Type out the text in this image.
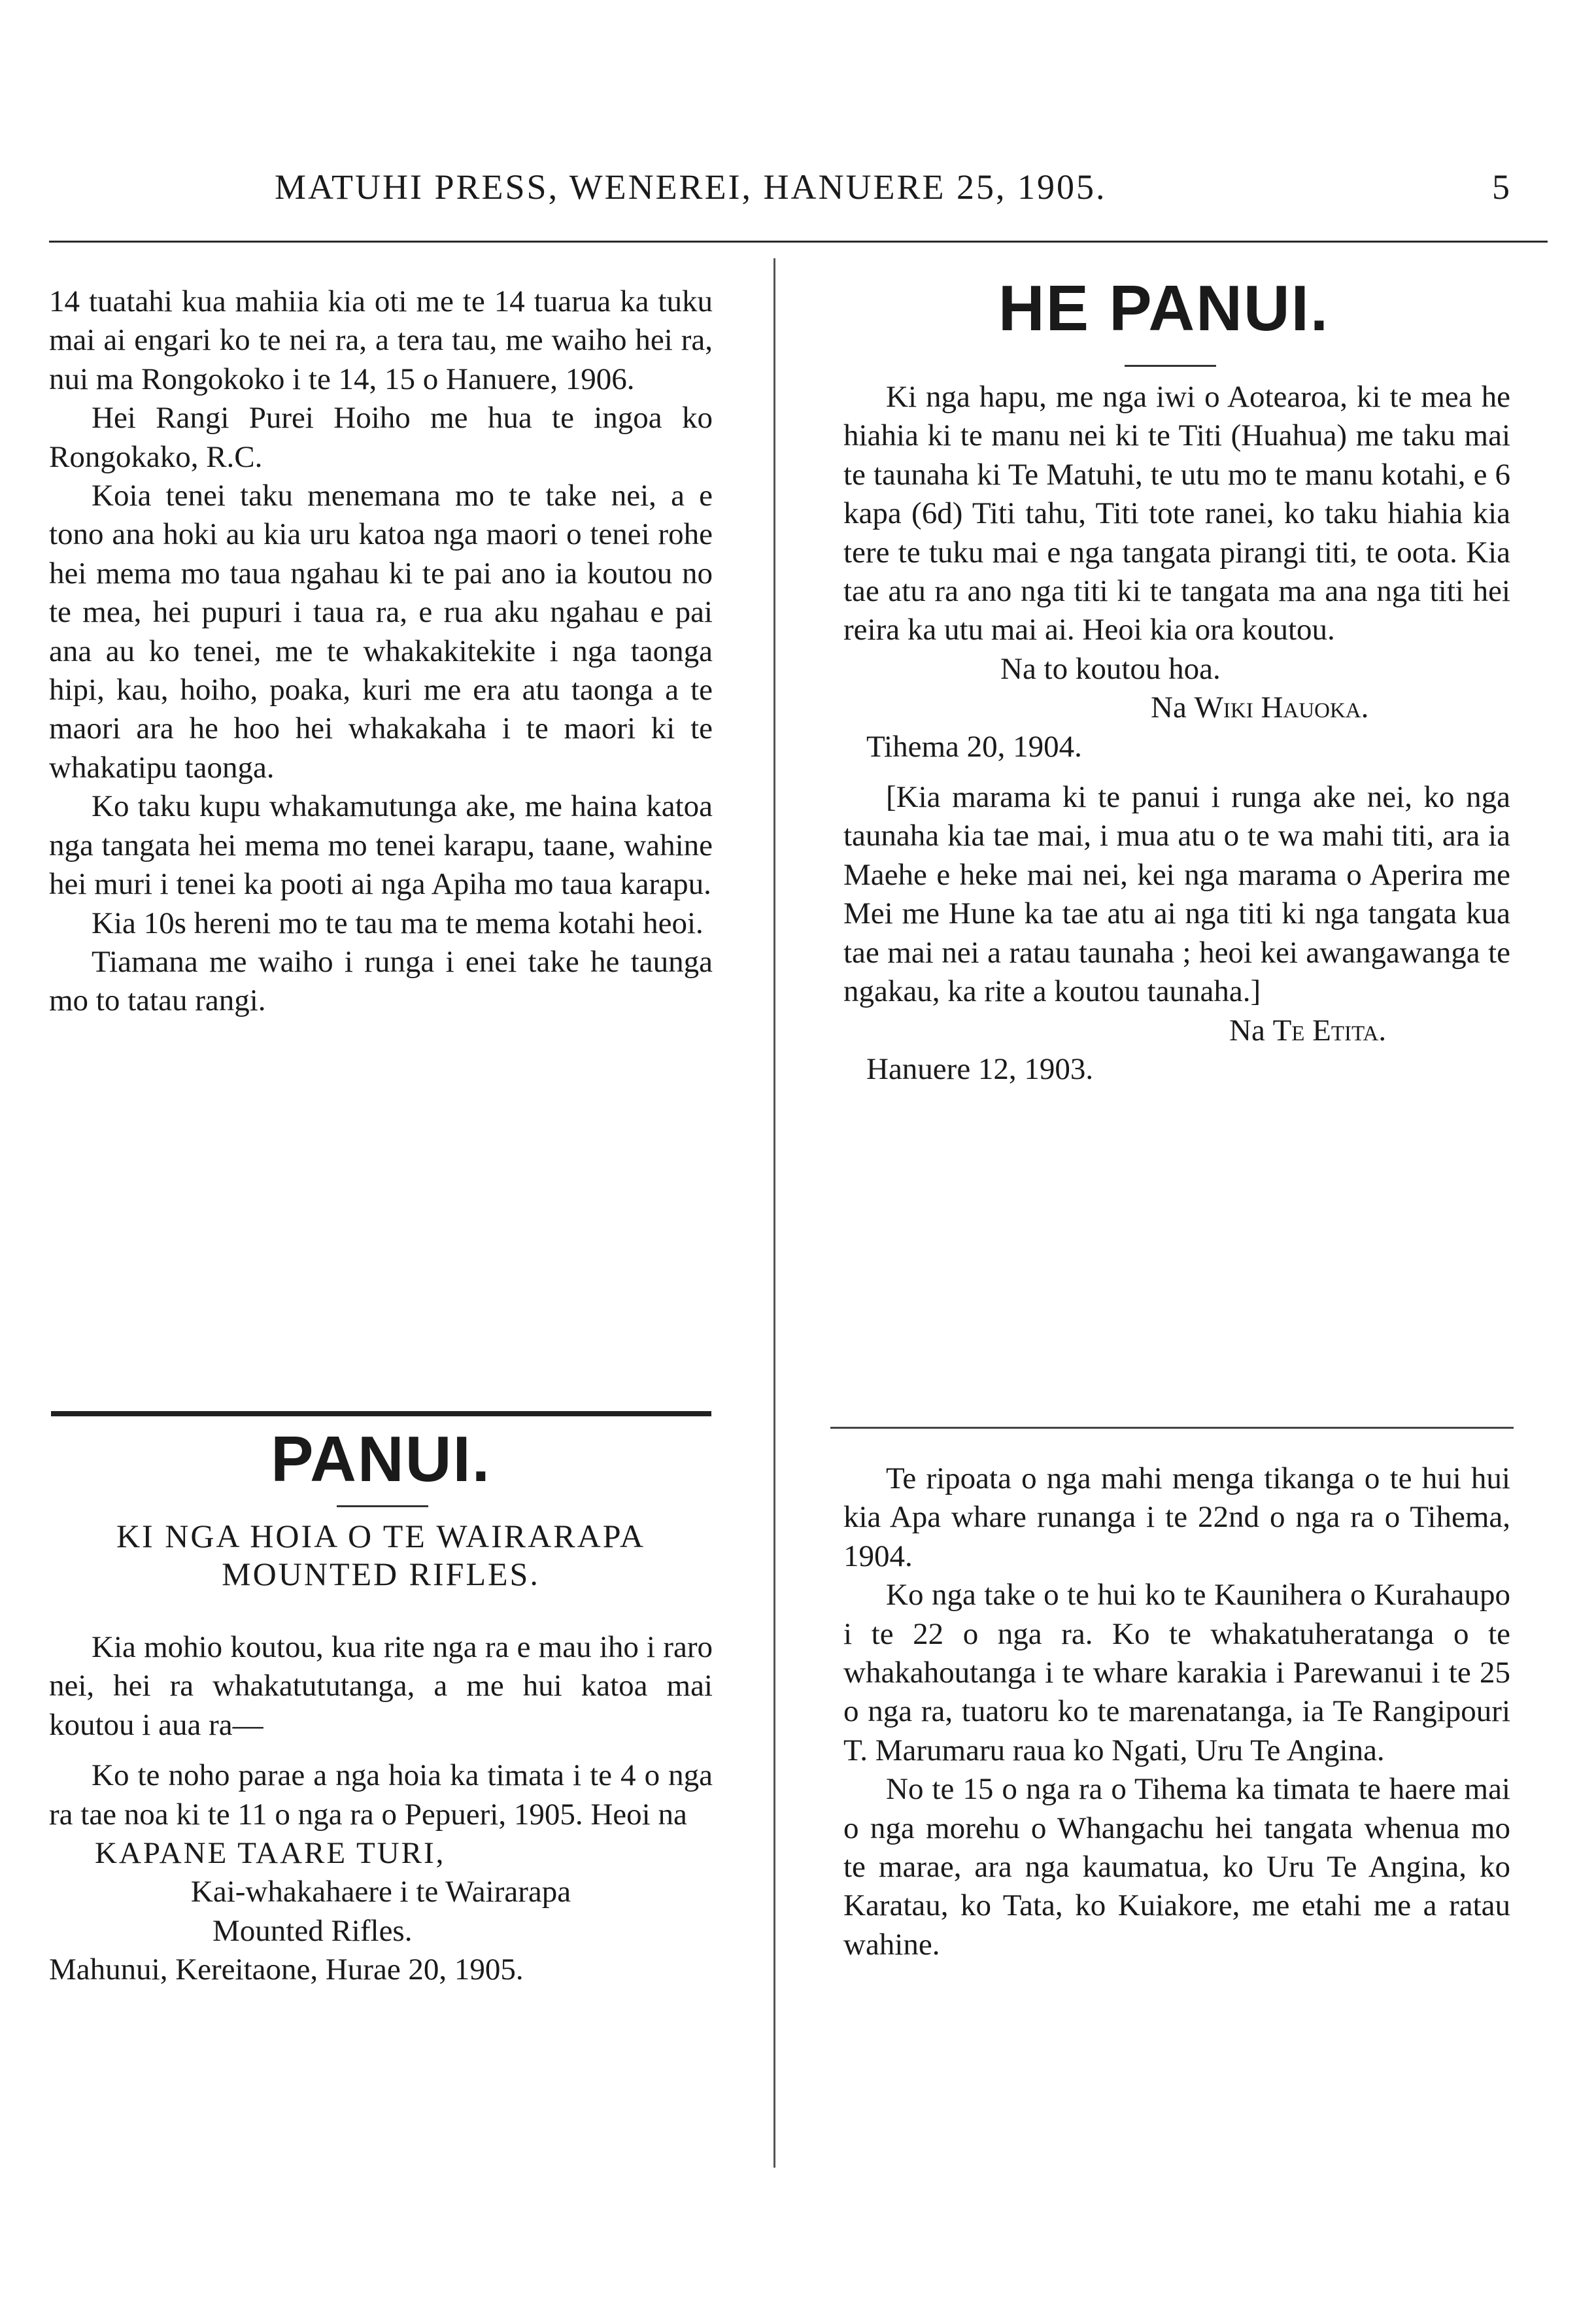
MATUHI PRESS, WENEREI, HANUERE 25, 1905.	5

14 tuatahi kua mahiia kia oti me te 14 tuarua ka tuku mai ai engari ko te nei ra, a tera tau, me waiho hei ra, nui ma Rongokoko i te 14, 15 o Hanuere, 1906.

Hei Rangi Purei Hoiho me hua te ingoa ko Rongokako, R.C.

Koia tenei taku menemana mo te take nei, a e tono ana hoki au kia uru katoa nga maori o tenei rohe hei mema mo taua ngahau ki te pai ano ia koutou no te mea, hei pupuri i taua ra, e rua aku ngahau e pai ana au ko tenei, me te whakakitekite i nga taonga hipi, kau, hoiho, poaka, kuri me era atu taonga a te maori ara he hoo hei whakakaha i te maori ki te whakatipu taonga.

Ko taku kupu whakamutunga ake, me haina katoa nga tangata hei mema mo tenei karapu, taane, wahine hei muri i tenei ka pooti ai nga Apiha mo taua karapu.

Kia 10s hereni mo te tau ma te mema kotahi heoi.

Tiamana me waiho i runga i enei take he taunga mo to tatau rangi.

PANUI.
KI NGA HOIA O TE WAIRARAPA
MOUNTED RIFLES.

Kia mohio koutou, kua rite nga ra e mau iho i raro nei, hei ra whakatututanga, a me hui katoa mai koutou i aua ra—

Ko te noho parae a nga hoia ka timata i te 4 o nga ra tae noa ki te 11 o nga ra o Pepueri, 1905. Heoi na

KAPANE TAARE TURI,

Kai-whakahaere i te Wairarapa

Mounted Rifles.

Mahunui, Kereitaone, Hurae 20, 1905.

HE PANUI.

Ki nga hapu, me nga iwi o Aotearoa, ki te mea he hiahia ki te manu nei ki te Titi (Huahua) me taku mai te taunaha ki Te Matuhi, te utu mo te manu kotahi, e 6 kapa (6d) Titi tahu, Titi tote ranei, ko taku hiahia kia tere te tuku mai e nga tangata pirangi titi, te oota. Kia tae atu ra ano nga titi ki te tangata ma ana nga titi hei reira ka utu mai ai. Heoi kia ora koutou.

Na to koutou hoa.

Na Wiki Hauoka.

Tihema 20, 1904.

[Kia marama ki te panui i runga ake nei, ko nga taunaha kia tae mai, i mua atu o te wa mahi titi, ara ia Maehe e heke mai nei, kei nga marama o Aperira me Mei me Hune ka tae atu ai nga titi ki nga tangata kua tae mai nei a ratau taunaha ; heoi kei awangawanga te ngakau, ka rite a koutou taunaha.]

Na Te Etita.

Hanuere 12, 1903.

Te ripoata o nga mahi menga tikanga o te hui hui kia Apa whare runanga i te 22nd o nga ra o Tihema, 1904.

Ko nga take o te hui ko te Kaunihera o Kurahaupo i te 22 o nga ra. Ko te whakatuheratanga o te whakahoutanga i te whare karakia i Parewanui i te 25 o nga ra, tuatoru ko te marenatanga, ia Te Rangipouri T. Marumaru raua ko Ngati, Uru Te Angina.

No te 15 o nga ra o Tihema ka timata te haere mai o nga morehu o Whangachu hei tangata whenua mo te marae, ara nga kaumatua, ko Uru Te Angina, ko Karatau, ko Tata, ko Kuiakore, me etahi me a ratau wahine.
